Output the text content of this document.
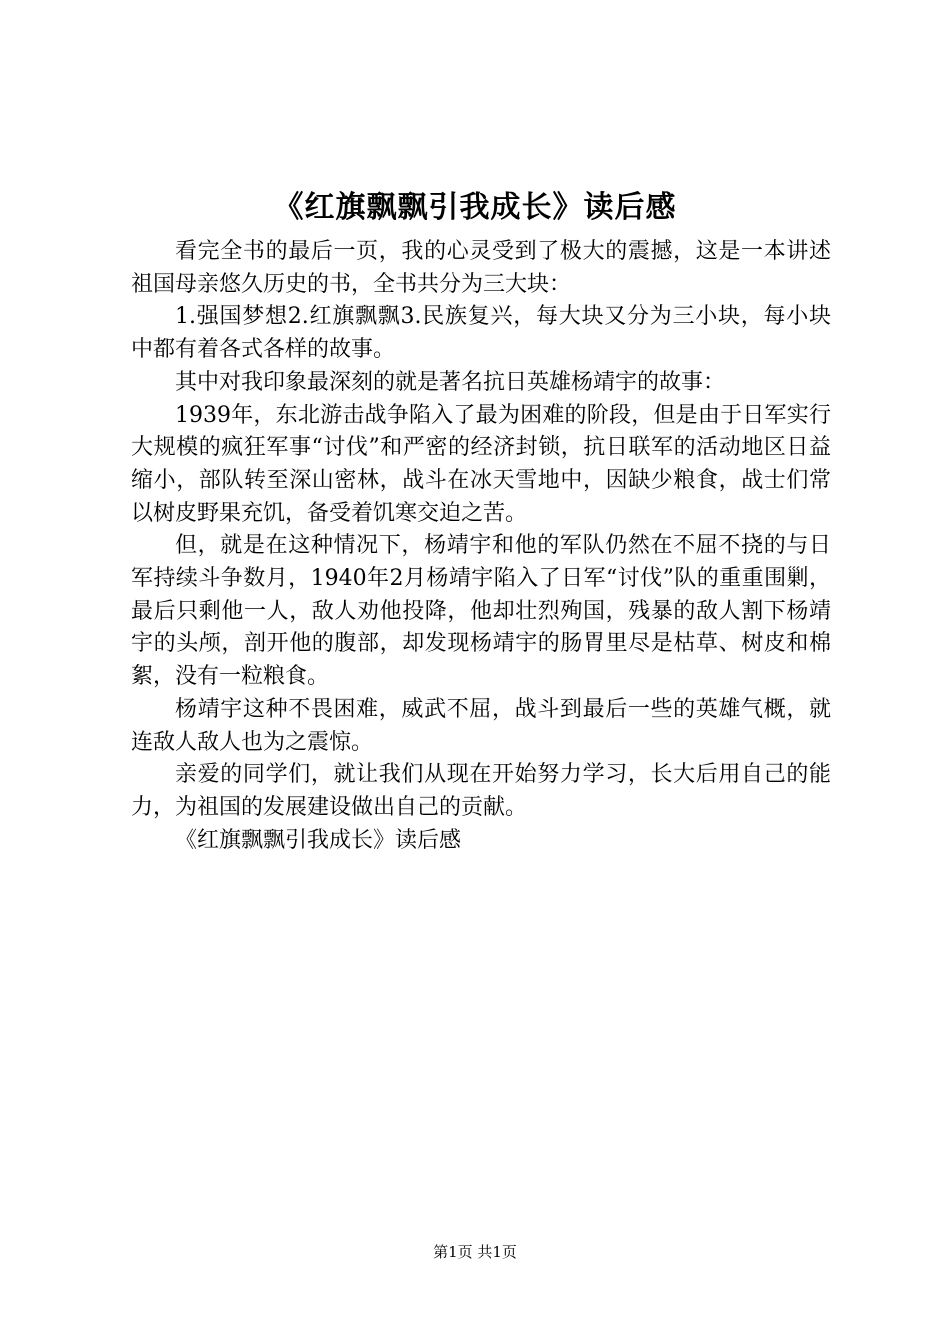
《红旗飘飘引我成长》读后感

看完全书的最后一页，我的心灵受到了极大的震撼，这是一本讲述祖国母亲悠久历史的书，全书共分为三大块：

1.强国梦想2.红旗飘飘3.民族复兴，每大块又分为三小块，每小块中都有着各式各样的故事。

其中对我印象最深刻的就是著名抗日英雄杨靖宇的故事：

1939年，东北游击战争陷入了最为困难的阶段，但是由于日军实行大规模的疯狂军事“讨伐”和严密的经济封锁，抗日联军的活动地区日益缩小，部队转至深山密林，战斗在冰天雪地中，因缺少粮食，战士们常以树皮野果充饥，备受着饥寒交迫之苦。

但，就是在这种情况下，杨靖宇和他的军队仍然在不屈不挠的与日军持续斗争数月，1940年2月杨靖宇陷入了日军“讨伐”队的重重围剿，最后只剩他一人，敌人劝他投降，他却壮烈殉国，残暴的敌人割下杨靖宇的头颅，剖开他的腹部，却发现杨靖宇的肠胃里尽是枯草、树皮和棉絮，没有一粒粮食。

杨靖宇这种不畏困难，威武不屈，战斗到最后一些的英雄气概，就连敌人敌人也为之震惊。

亲爱的同学们，就让我们从现在开始努力学习，长大后用自己的能力，为祖国的发展建设做出自己的贡献。

《红旗飘飘引我成长》读后感

第1页 共1页
